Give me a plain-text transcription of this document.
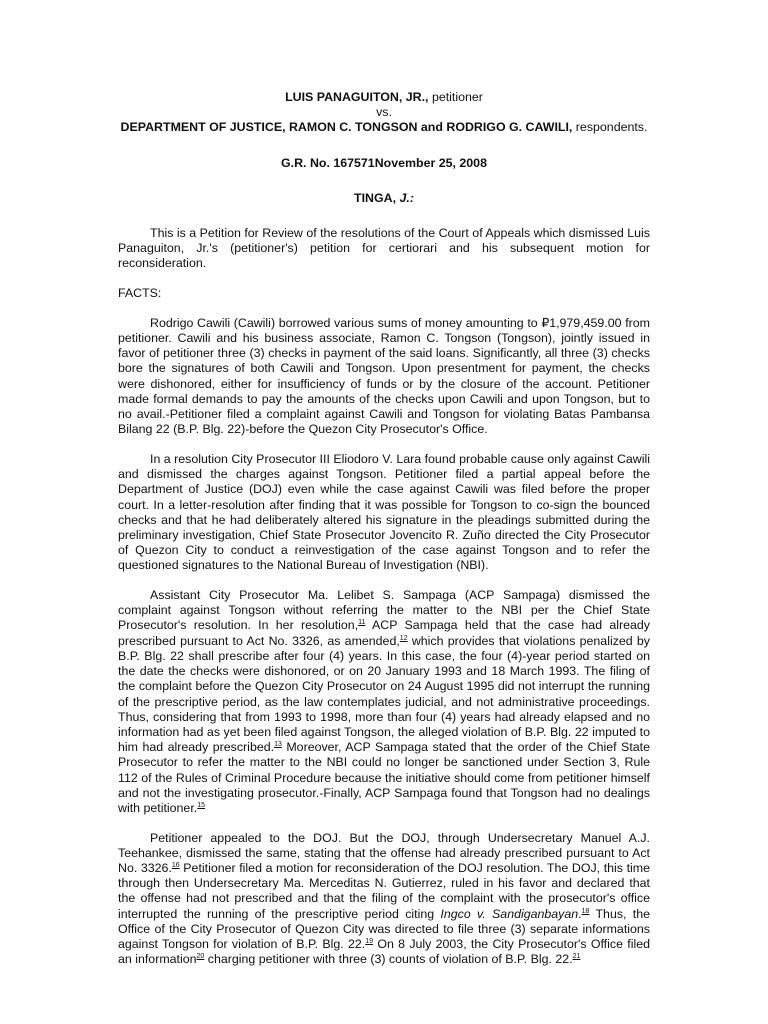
LUIS PANAGUITON, JR., petitioner

vs.

DEPARTMENT OF JUSTICE, RAMON C. TONGSON and RODRIGO G. CAWILI, respondents.

G.R. No. 167571November 25, 2008

TINGA, J.:

This is a Petition for Review of the resolutions of the Court of Appeals which dismissed Luis Panaguiton, Jr.'s (petitioner's) petition for certiorari and his subsequent motion for reconsideration.

FACTS:

Rodrigo Cawili (Cawili) borrowed various sums of money amounting to ₽1,979,459.00 from petitioner. Cawili and his business associate, Ramon C. Tongson (Tongson), jointly issued in favor of petitioner three (3) checks in payment of the said loans. Significantly, all three (3) checks bore the signatures of both Cawili and Tongson. Upon presentment for payment, the checks were dishonored, either for insufficiency of funds or by the closure of the account. Petitioner made formal demands to pay the amounts of the checks upon Cawili and upon Tongson, but to no avail.-Petitioner filed a complaint against Cawili and Tongson for violating Batas Pambansa Bilang 22 (B.P. Blg. 22)-before the Quezon City Prosecutor's Office.

In a resolution City Prosecutor III Eliodoro V. Lara found probable cause only against Cawili and dismissed the charges against Tongson. Petitioner filed a partial appeal before the Department of Justice (DOJ) even while the case against Cawili was filed before the proper court. In a letter-resolution after finding that it was possible for Tongson to co-sign the bounced checks and that he had deliberately altered his signature in the pleadings submitted during the preliminary investigation, Chief State Prosecutor Jovencito R. Zuño directed the City Prosecutor of Quezon City to conduct a reinvestigation of the case against Tongson and to refer the questioned signatures to the National Bureau of Investigation (NBI).

Assistant City Prosecutor Ma. Lelibet S. Sampaga (ACP Sampaga) dismissed the complaint against Tongson without referring the matter to the NBI per the Chief State Prosecutor's resolution. In her resolution,$^{11}$ ACP Sampaga held that the case had already prescribed pursuant to Act No. 3326, as amended,$^{12}$ which provides that violations penalized by B.P. Blg. 22 shall prescribe after four (4) years. In this case, the four (4)-year period started on the date the checks were dishonored, or on 20 January 1993 and 18 March 1993. The filing of the complaint before the Quezon City Prosecutor on 24 August 1995 did not interrupt the running of the prescriptive period, as the law contemplates judicial, and not administrative proceedings. Thus, considering that from 1993 to 1998, more than four (4) years had already elapsed and no information had as yet been filed against Tongson, the alleged violation of B.P. Blg. 22 imputed to him had already prescribed.$^{13}$ Moreover, ACP Sampaga stated that the order of the Chief State Prosecutor to refer the matter to the NBI could no longer be sanctioned under Section 3, Rule 112 of the Rules of Criminal Procedure because the initiative should come from petitioner himself and not the investigating prosecutor.-Finally, ACP Sampaga found that Tongson had no dealings with petitioner.$^{15}$

Petitioner appealed to the DOJ. But the DOJ, through Undersecretary Manuel A.J. Teehankee, dismissed the same, stating that the offense had already prescribed pursuant to Act No. 3326.16 Petitioner filed a motion for reconsideration of the DOJ resolution. The DOJ, this time through then Undersecretary Ma. Merceditas N. Gutierrez, ruled in his favor and declared that the offense had not prescribed and that the filing of the complaint with the prosecutor's office interrupted the running of the prescriptive period citing Ingco v. Sandiganbayan.$^{18}$ Thus, the Office of the City Prosecutor of Quezon City was directed to file three (3) separate informations against Tongson for violation of B.P. Blg. 22.19 On 8 July 2003, the City Prosecutor's Office filed an information$^{20}$ charging petitioner with three (3) counts of violation of B.P. Blg. 22.21
